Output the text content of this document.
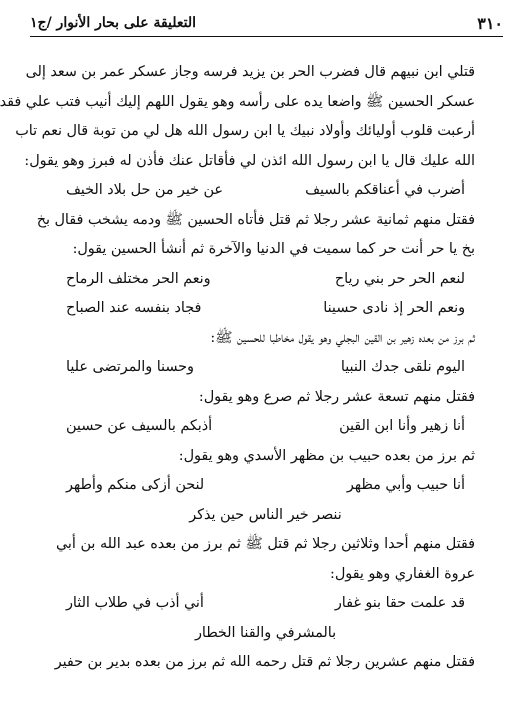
٣١٠
التعليقة على بحار الأنوار /ج١
قتلي ابن نبيهم قال فضرب الحر بن يزيد فرسه وجاز عسكر عمر بن سعد إلى
عسكر الحسين ﷺ واضعا يده على رأسه وهو يقول اللهم إليك أنيب فتب علي فقد
أرعبت قلوب أوليائك وأولاد نبيك يا ابن رسول الله هل لي من توبة قال نعم تاب
الله عليك قال يا ابن رسول الله ائذن لي فأقاتل عنك فأذن له فبرز وهو يقول:
أضرب في أعناقكم بالسيف
عن خير من حل بلاد الخيف
فقتل منهم ثمانية عشر رجلا ثم قتل فأتاه الحسين ﷺ ودمه يشخب فقال بخ
بخ يا حر أنت حر كما سميت في الدنيا والآخرة ثم أنشأ الحسين يقول:
لنعم الحر حر بني رياح
ونعم الحر مختلف الرماح
ونعم الحر إذ نادى حسينا
فجاد بنفسه عند الصباح
ثم برز من بعده زهير بن القين البجلي وهو يقول مخاطبا للحسين ﷺ:
اليوم نلقى جدك النبيا
وحسنا والمرتضى عليا
فقتل منهم تسعة عشر رجلا ثم صرع وهو يقول:
أنا زهير وأنا ابن القين
أذبكم بالسيف عن حسين
ثم برز من بعده حبيب بن مظهر الأسدي وهو يقول:
أنا حبيب وأبي مظهر
لنحن أزكى منكم وأطهر
ننصر خير الناس حين يذكر
فقتل منهم أحدا وثلاثين رجلا ثم قتل ﷺ ثم برز من بعده عبد الله بن أبي
عروة الغفاري وهو يقول:
قد علمت حقا بنو غفار
أني أذب في طلاب الثار
بالمشرفي والقنا الخطار
فقتل منهم عشرين رجلا ثم قتل رحمه الله ثم برز من بعده بدير بن حفير
